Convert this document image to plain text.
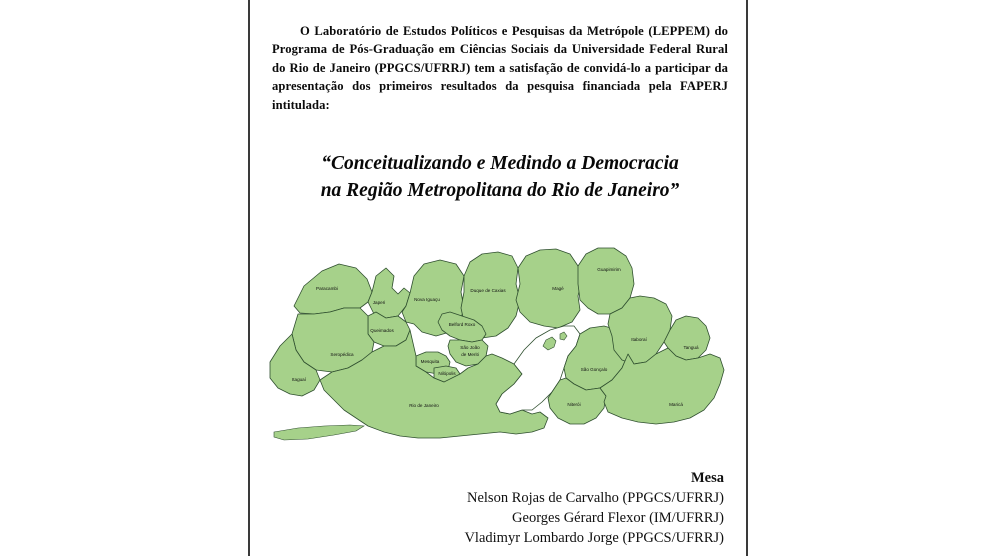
O Laboratório de Estudos Políticos e Pesquisas da Metrópole (LEPPEM) do Programa de Pós-Graduação em Ciências Sociais da Universidade Federal Rural do Rio de Janeiro (PPGCS/UFRRJ) tem a satisfação de convidá-lo a participar da apresentação dos primeiros resultados da pesquisa financiada pela FAPERJ intitulada:

“Conceitualizando e Medindo a Democracia
na Região Metropolitana do Rio de Janeiro”
Paracambi
Japeri
Nova Iguaçu
Duque de Caxias	Magé
Guapimirim
Queimados
Belford Roxo
Seropédica
Itaguaí
São João
de Meriti
Mesquita
Nilópolis
Rio de Janeiro
Itaboraí
Tanguá
São Gonçalo
Niterói	Maricá
Mesa
Nelson Rojas de Carvalho (PPGCS/UFRRJ)
Georges Gérard Flexor (IM/UFRRJ)
Vladimyr Lombardo Jorge (PPGCS/UFRRJ)
